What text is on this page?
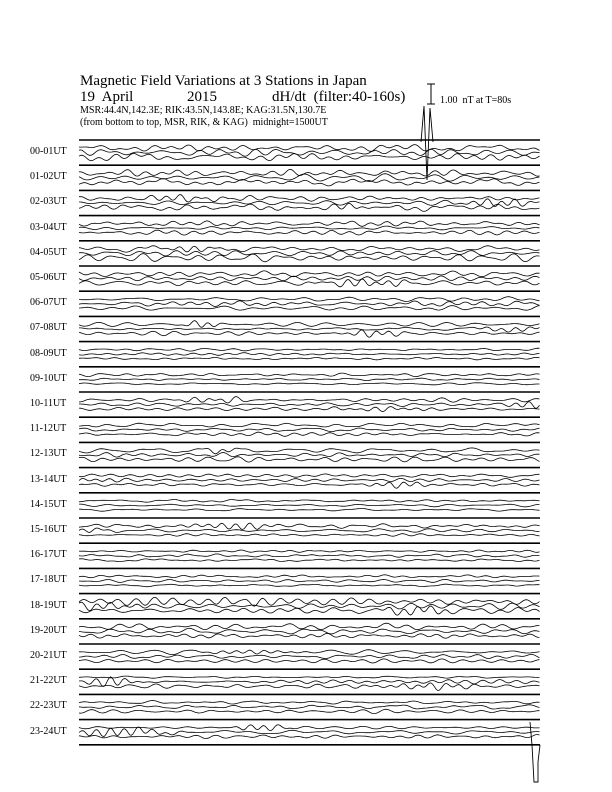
Magnetic Field Variations at 3 Stations in Japan
19  April	2015	dH/dt  (filter:40-160s)
MSR:44.4N,142.3E; RIK:43.5N,143.8E; KAG:31.5N,130.7E
(from bottom to top, MSR, RIK, & KAG)  midnight=1500UT
1.00  nT at T=80s
00-01UT
01-02UT
02-03UT
03-04UT
04-05UT
05-06UT
06-07UT
07-08UT
08-09UT
09-10UT
10-11UT
11-12UT
12-13UT
13-14UT
14-15UT
15-16UT
16-17UT
17-18UT
18-19UT
19-20UT
20-21UT
21-22UT
22-23UT
23-24UT
